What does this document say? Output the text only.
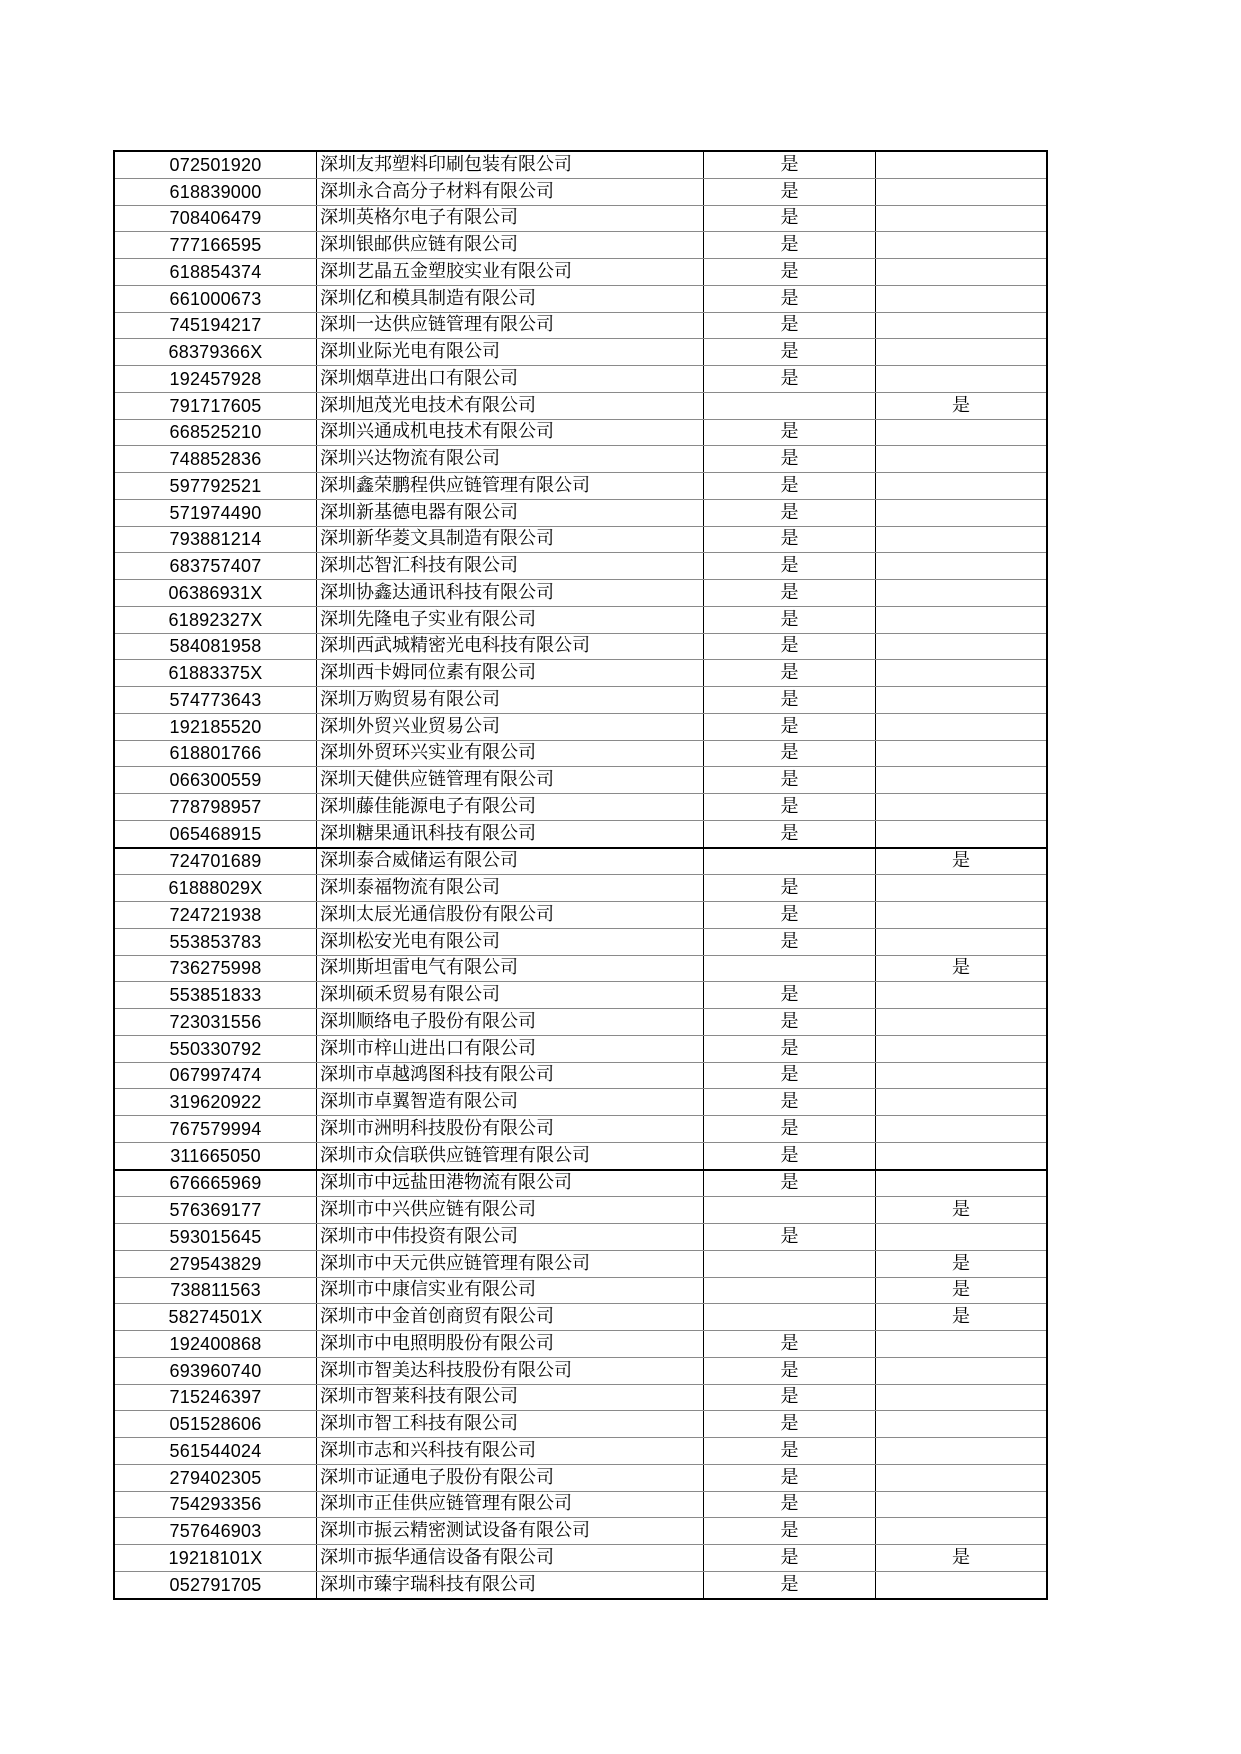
072501920	深圳友邦塑料印刷包装有限公司	是	
618839000	深圳永合高分子材料有限公司	是	
708406479	深圳英格尔电子有限公司	是	
777166595	深圳银邮供应链有限公司	是	
618854374	深圳艺晶五金塑胶实业有限公司	是	
661000673	深圳亿和模具制造有限公司	是	
745194217	深圳一达供应链管理有限公司	是	
68379366X	深圳业际光电有限公司	是	
192457928	深圳烟草进出口有限公司	是	
791717605	深圳旭茂光电技术有限公司		是
668525210	深圳兴通成机电技术有限公司	是	
748852836	深圳兴达物流有限公司	是	
597792521	深圳鑫荣鹏程供应链管理有限公司	是	
571974490	深圳新基德电器有限公司	是	
793881214	深圳新华菱文具制造有限公司	是	
683757407	深圳芯智汇科技有限公司	是	
06386931X	深圳协鑫达通讯科技有限公司	是	
61892327X	深圳先隆电子实业有限公司	是	
584081958	深圳西武城精密光电科技有限公司	是	
61883375X	深圳西卡姆同位素有限公司	是	
574773643	深圳万购贸易有限公司	是	
192185520	深圳外贸兴业贸易公司	是	
618801766	深圳外贸环兴实业有限公司	是	
066300559	深圳天健供应链管理有限公司	是	
778798957	深圳藤佳能源电子有限公司	是	
065468915	深圳糖果通讯科技有限公司	是	
724701689	深圳泰合威储运有限公司		是
61888029X	深圳泰福物流有限公司	是	
724721938	深圳太辰光通信股份有限公司	是	
553853783	深圳松安光电有限公司	是	
736275998	深圳斯坦雷电气有限公司		是
553851833	深圳硕禾贸易有限公司	是	
723031556	深圳顺络电子股份有限公司	是	
550330792	深圳市梓山进出口有限公司	是	
067997474	深圳市卓越鸿图科技有限公司	是	
319620922	深圳市卓翼智造有限公司	是	
767579994	深圳市洲明科技股份有限公司	是	
311665050	深圳市众信联供应链管理有限公司	是	
676665969	深圳市中远盐田港物流有限公司	是	
576369177	深圳市中兴供应链有限公司		是
593015645	深圳市中伟投资有限公司	是	
279543829	深圳市中天元供应链管理有限公司		是
738811563	深圳市中康信实业有限公司		是
58274501X	深圳市中金首创商贸有限公司		是
192400868	深圳市中电照明股份有限公司	是	
693960740	深圳市智美达科技股份有限公司	是	
715246397	深圳市智莱科技有限公司	是	
051528606	深圳市智工科技有限公司	是	
561544024	深圳市志和兴科技有限公司	是	
279402305	深圳市证通电子股份有限公司	是	
754293356	深圳市正佳供应链管理有限公司	是	
757646903	深圳市振云精密测试设备有限公司	是	
19218101X	深圳市振华通信设备有限公司	是	是
052791705	深圳市臻宇瑞科技有限公司	是	
